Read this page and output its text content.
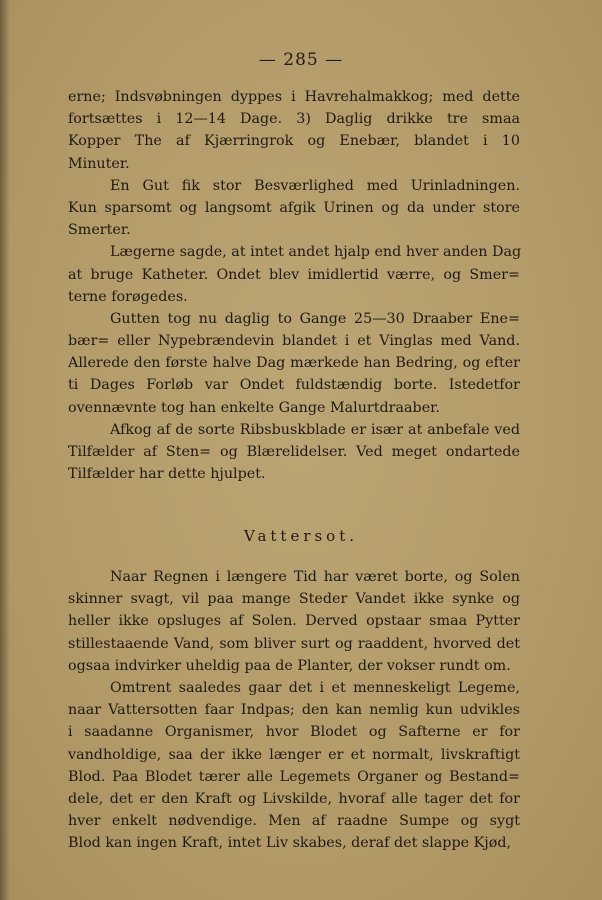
— 285 —
erne; Indsvøbningen dyppes i Havrehalmakkog; med dette
fortsættes i 12—14 Dage. 3) Daglig drikke tre smaa
Kopper The af Kjærringrok og Enebær, blandet i 10
Minuter.
En Gut fik stor Besværlighed med Urinladningen.
Kun sparsomt og langsomt afgik Urinen og da under store
Smerter.
Lægerne sagde, at intet andet hjalp end hver anden Dag
at bruge Katheter. Ondet blev imidlertid værre, og Smer=
terne forøgedes.
Gutten tog nu daglig to Gange 25—30 Draaber Ene=
bær= eller Nypebrændevin blandet i et Vinglas med Vand.
Allerede den første halve Dag mærkede han Bedring, og efter
ti Dages Forløb var Ondet fuldstændig borte. Istedetfor
ovennævnte tog han enkelte Gange Malurtdraaber.
Afkog af de sorte Ribsbuskblade er især at anbefale ved
Tilfælder af Sten= og Blærelidelser. Ved meget ondartede
Tilfælder har dette hjulpet.
Vattersot.
Naar Regnen i længere Tid har været borte, og Solen
skinner svagt, vil paa mange Steder Vandet ikke synke og
heller ikke opsluges af Solen. Derved opstaar smaa Pytter
stillestaaende Vand, som bliver surt og raaddent, hvorved det
ogsaa indvirker uheldig paa de Planter, der vokser rundt om.
Omtrent saaledes gaar det i et menneskeligt Legeme,
naar Vattersotten faar Indpas; den kan nemlig kun udvikles
i saadanne Organismer, hvor Blodet og Safterne er for
vandholdige, saa der ikke længer er et normalt, livskraftigt
Blod. Paa Blodet tærer alle Legemets Organer og Bestand=
dele, det er den Kraft og Livskilde, hvoraf alle tager det for
hver enkelt nødvendige. Men af raadne Sumpe og sygt
Blod kan ingen Kraft, intet Liv skabes, deraf det slappe Kjød,
